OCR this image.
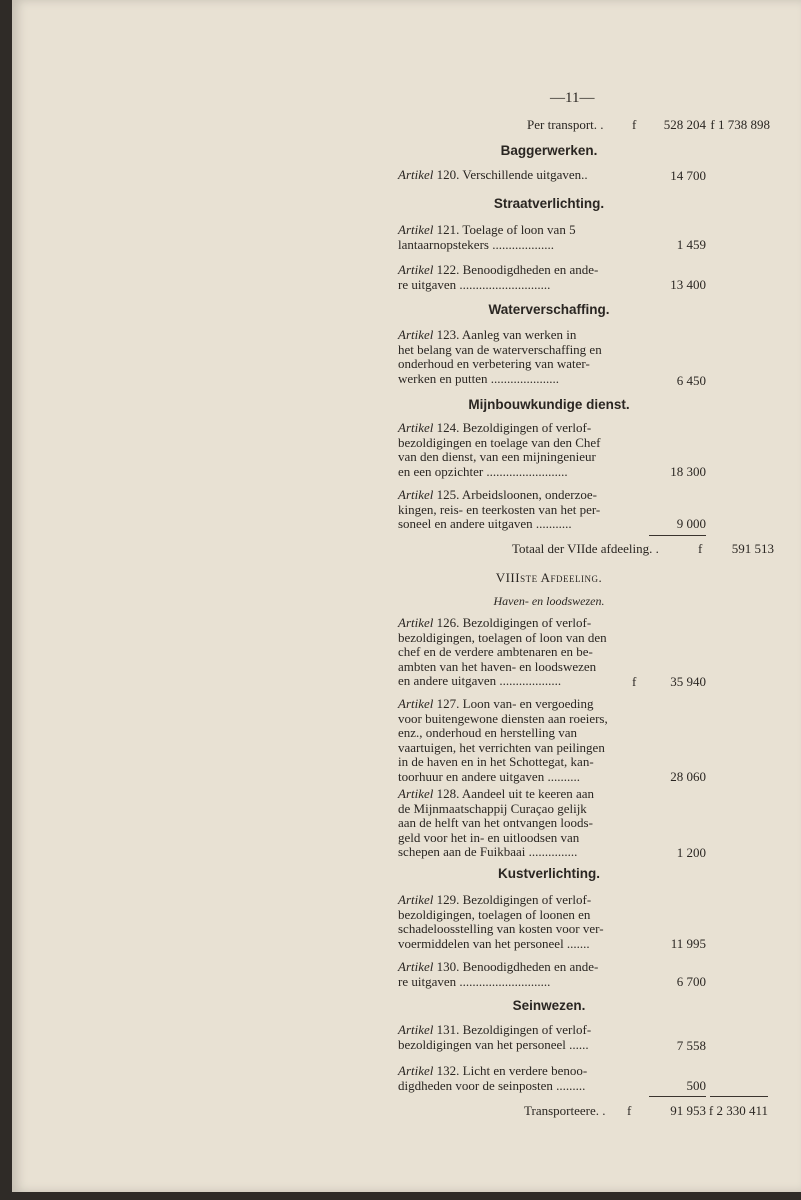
—11—
Per transport. . f	528 204 f 1 738 898
Baggerwerken.
Artikel 120. Verschillende uitgaven..	14 700
Straatverlichting.
Artikel 121. Toelage of loon van 5
lantaarnopstekers ...................	1 459
Artikel 122. Benoodigdheden en ande-
re uitgaven ............................	13 400
Waterverschaffing.
Artikel 123. Aanleg van werken in
het belang van de waterverschaffing en
onderhoud en verbetering van water-
werken en putten .....................	6 450
Mijnbouwkundige dienst.
Artikel 124. Bezoldigingen of verlof-
bezoldigingen en toelage van den Chef
van den dienst, van een mijningenieur
en een opzichter .........................	18 300
Artikel 125. Arbeidsloonen, onderzoe-
kingen, reis- en teerkosten van het per-
soneel en andere uitgaven ...........	9 000
Totaal der VIIde afdeeling. .	f	591 513
VIIIste Afdeeling.
Haven- en loodswezen.
Artikel 126. Bezoldigingen of verlof-
bezoldigingen, toelagen of loon van den
chef en de verdere ambtenaren en be-
ambten van het haven- en loodswezen
en andere uitgaven ...................	f	35 940
Artikel 127. Loon van- en vergoeding
voor buitengewone diensten aan roeiers,
enz., onderhoud en herstelling van
vaartuigen, het verrichten van peilingen
in de haven en in het Schottegat, kan-
toorhuur en andere uitgaven ..........	28 060
Artikel 128. Aandeel uit te keeren aan
de Mijnmaatschappij Curaçao gelijk
aan de helft van het ontvangen loods-
geld voor het in- en uitloodsen van
schepen aan de Fuikbaai ...............	1 200
Kustverlichting.
Artikel 129. Bezoldigingen of verlof-
bezoldigingen, toelagen of loonen en
schadeloosstelling van kosten voor ver-
voermiddelen van het personeel .......	11 995
Artikel 130. Benoodigdheden en ande-
re uitgaven ............................	6 700
Seinwezen.
Artikel 131. Bezoldigingen of verlof-
bezoldigingen van het personeel ......	7 558
Artikel 132. Licht en verdere benoo-
digdheden voor de seinposten .........	500
Transporteere. . f	91 953 f 2 330 411
